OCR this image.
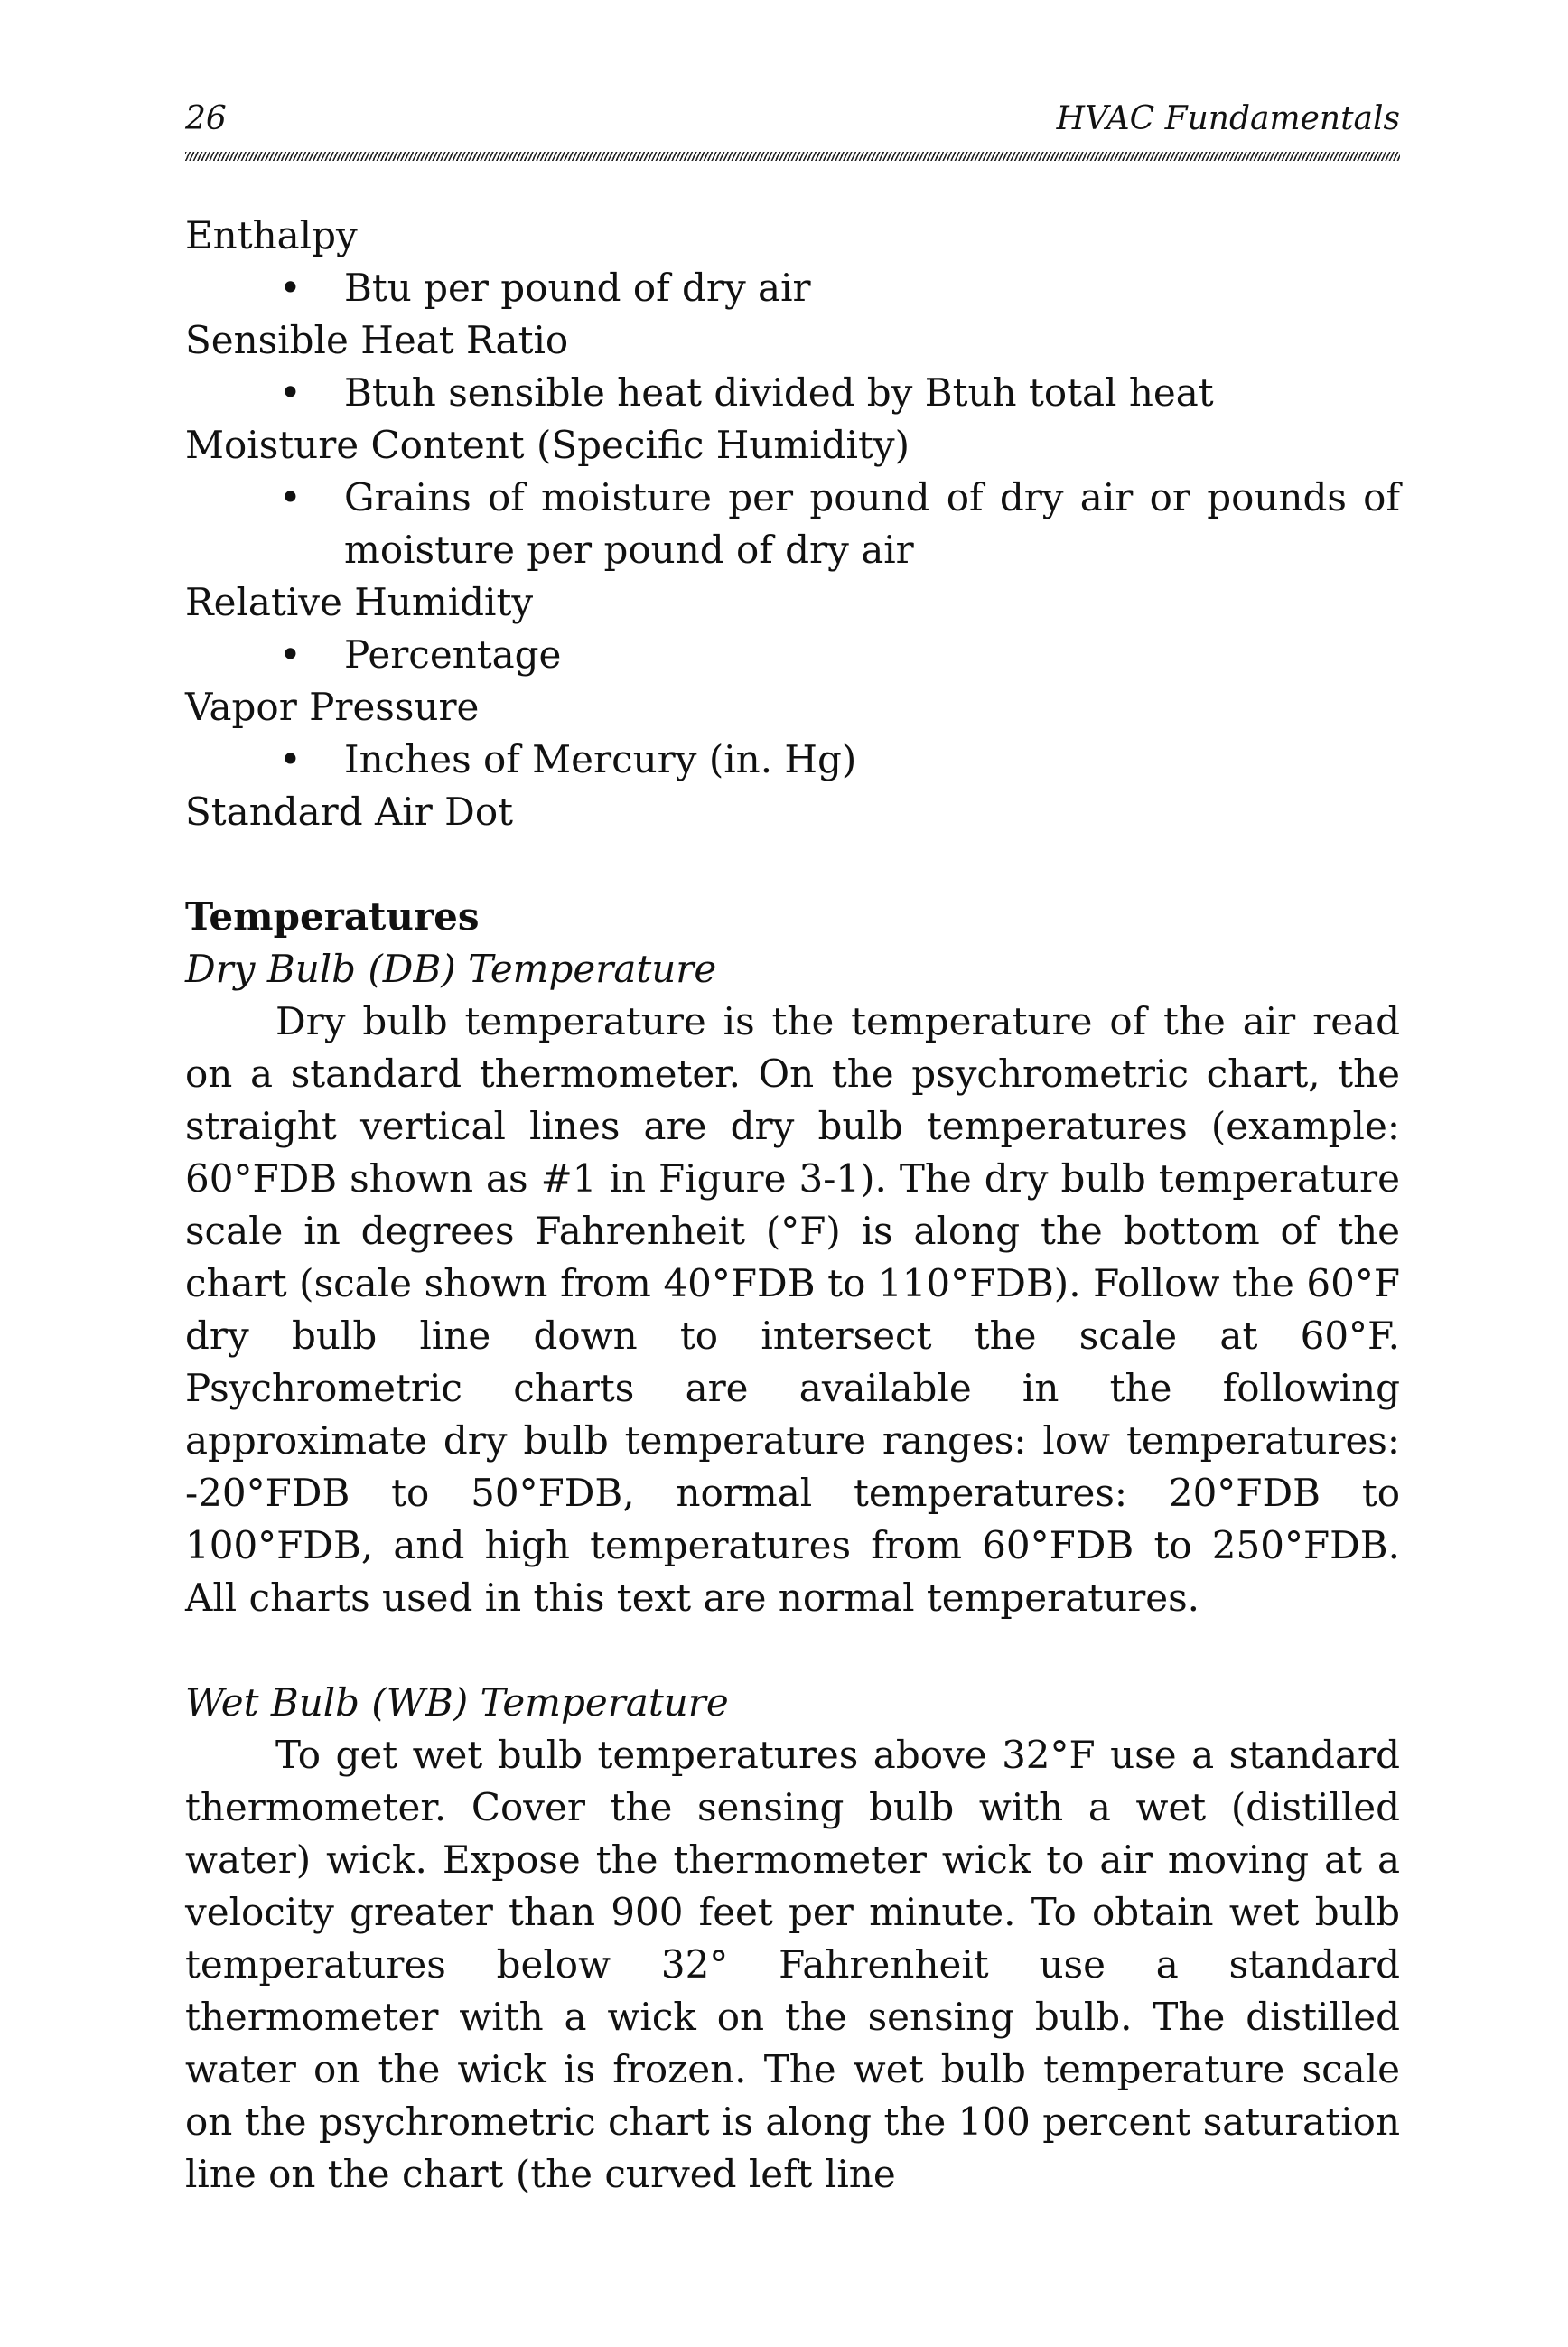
26	HVAC Fundamentals

Enthalpy

• Btu per pound of dry air

Sensible Heat Ratio

• Btuh sensible heat divided by Btuh total heat

Moisture Content (Specific Humidity)

• Grains of moisture per pound of dry air or pounds of moisture per pound of dry air

Relative Humidity

• Percentage

Vapor Pressure

• Inches of Mercury (in. Hg)

Standard Air Dot

Temperatures

Dry Bulb (DB) Temperature

Dry bulb temperature is the temperature of the air read on a standard thermometer. On the psychrometric chart, the straight vertical lines are dry bulb temperatures (example: 60°FDB shown as #1 in Figure 3-1). The dry bulb temperature scale in degrees Fahrenheit (°F) is along the bottom of the chart (scale shown from 40°FDB to 110°FDB). Follow the 60°F dry bulb line down to intersect the scale at 60°F. Psychrometric charts are available in the following approximate dry bulb temperature ranges: low temperatures: -20°FDB to 50°FDB, normal temperatures: 20°FDB to 100°FDB, and high temperatures from 60°FDB to 250°FDB. All charts used in this text are normal temperatures.

Wet Bulb (WB) Temperature

To get wet bulb temperatures above 32°F use a standard thermometer. Cover the sensing bulb with a wet (distilled water) wick. Expose the thermometer wick to air moving at a velocity greater than 900 feet per minute. To obtain wet bulb temperatures below 32° Fahrenheit use a standard thermometer with a wick on the sensing bulb. The distilled water on the wick is frozen. The wet bulb temperature scale on the psychrometric chart is along the 100 percent saturation line on the chart (the curved left line
